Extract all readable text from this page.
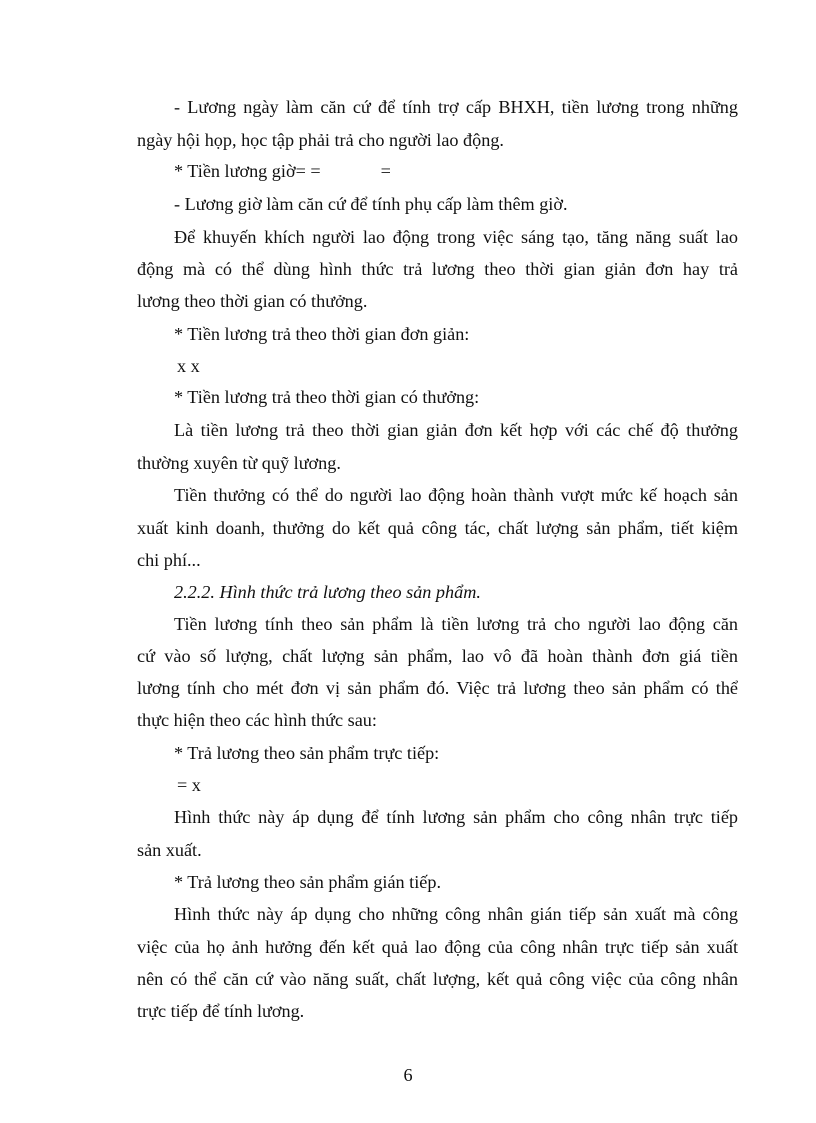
- Lương ngày làm căn cứ để tính trợ cấp BHXH, tiền lương trong những
ngày hội họp, học tập phải trả cho người lao động.
* Tiền lương giờ= =	=
- Lương giờ làm căn cứ để tính phụ cấp làm thêm giờ.
Để khuyến khích người lao động trong việc sáng tạo, tăng năng suất lao
động mà có thể dùng hình thức trả lương theo thời gian giản đơn hay trả
lương theo thời gian có thưởng.
* Tiền lương trả theo thời gian đơn giản:
x x
* Tiền lương trả theo thời gian có thưởng:
Là tiền lương trả theo thời gian giản đơn kết hợp với các chế độ thưởng
thường xuyên từ quỹ lương.
Tiền thưởng có thể do người lao động hoàn thành vượt mức kế hoạch sản
xuất kinh doanh, thưởng do kết quả công tác, chất lượng sản phẩm, tiết kiệm
chi phí...
2.2.2. Hình thức trả lương theo sản phẩm.
Tiền lương tính theo sản phẩm là tiền lương trả cho người lao động căn
cứ vào số lượng, chất lượng sản phẩm, lao vô đã hoàn thành đơn giá tiền
lương tính cho mét đơn vị sản phẩm đó. Việc trả lương theo sản phẩm có thể
thực hiện theo các hình thức sau:
* Trả lương theo sản phẩm trực tiếp:
= x
Hình thức này áp dụng để tính lương sản phẩm cho công nhân trực tiếp
sản xuất.
* Trả lương theo sản phẩm gián tiếp.
Hình thức này áp dụng cho những công nhân gián tiếp sản xuất mà công
việc của họ ảnh hưởng đến kết quả lao động của công nhân trực tiếp sản xuất
nên có thể căn cứ vào năng suất, chất lượng, kết quả công việc của công nhân
trực tiếp để tính lương.
6
